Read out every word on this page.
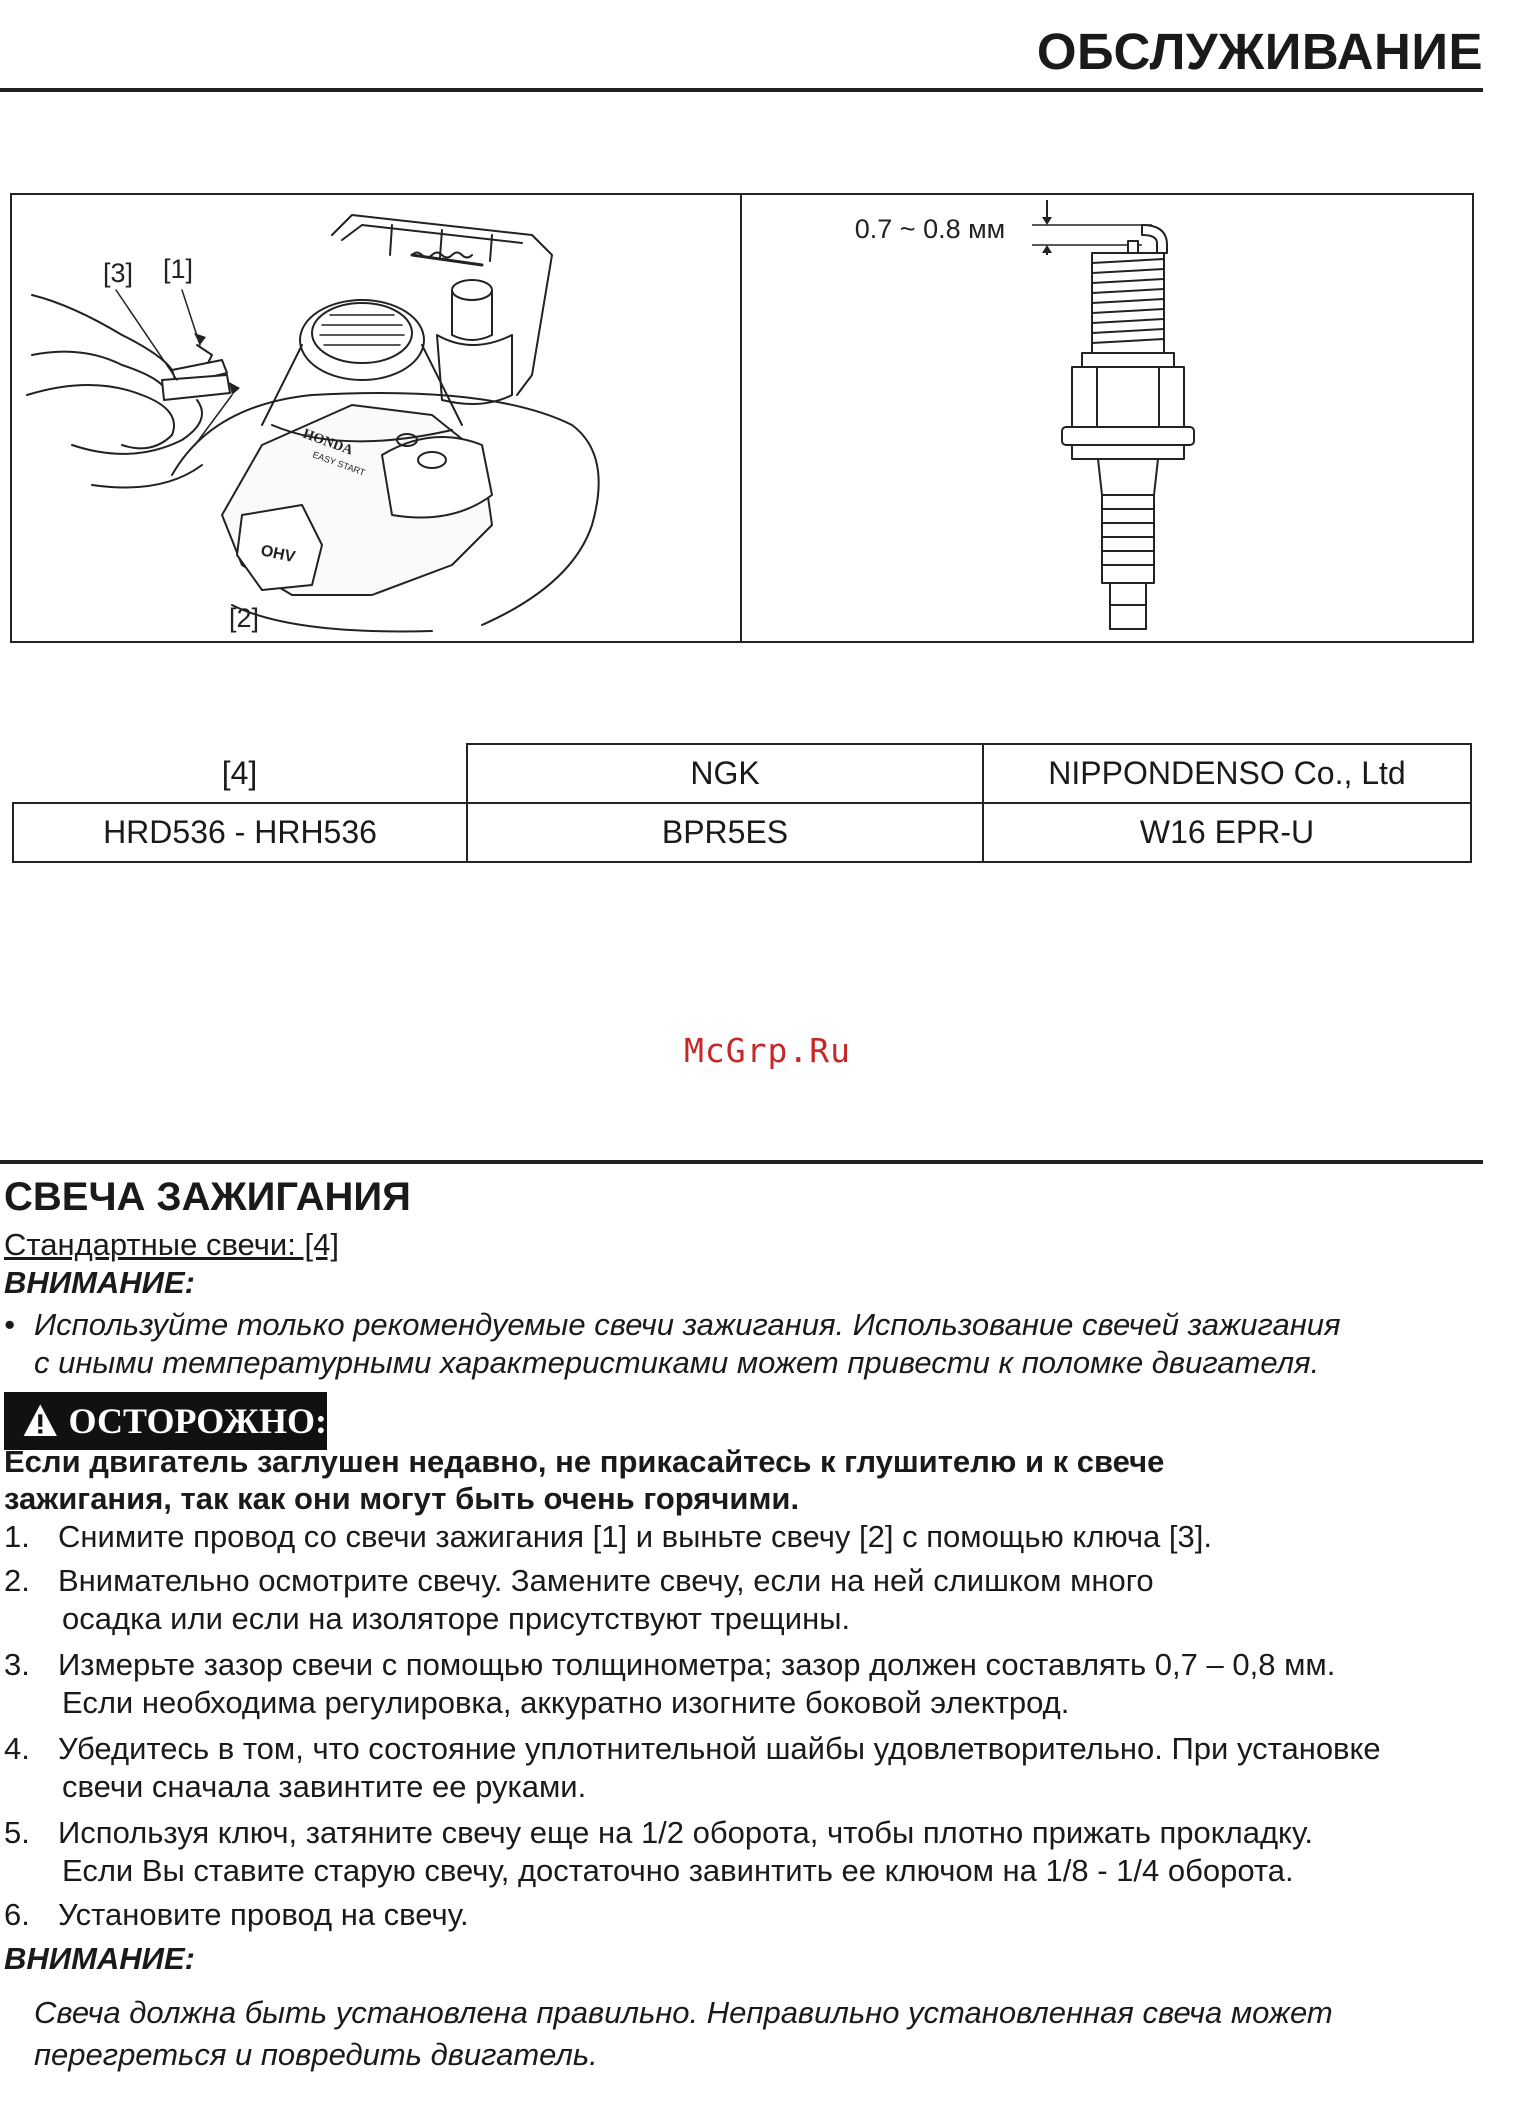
ОБСЛУЖИВАНИЕ
HONDA
EASY START
OHV
[3] [1]
[2]
0.7 ~ 0.8 мм
[4]	NGK	NIPPONDENSO Co., Ltd
HRD536 - HRH536	BPR5ES	W16 EPR-U
McGrp.Ru
СВЕЧА ЗАЖИГАНИЯ
Стандартные свечи: [4]
ВНИМАНИЕ:
• Используйте только рекомендуемые свечи зажигания. Использование свечей зажигания
с иными температурными характеристиками может привести к поломке двигателя.
ОСТОРОЖНО:
Если двигатель заглушен недавно, не прикасайтесь к глушителю и к свече
зажигания, так как они могут быть очень горячими.
1. Снимите провод со свечи зажигания [1] и выньте свечу [2] с помощью ключа [3].
2. Внимательно осмотрите свечу. Замените свечу, если на ней слишком много
осадка или если на изоляторе присутствуют трещины.
3. Измерьте зазор свечи с помощью толщинометра; зазор должен составлять 0,7 – 0,8 мм.
Если необходима регулировка, аккуратно изогните боковой электрод.
4. Убедитесь в том, что состояние уплотнительной шайбы удовлетворительно. При установке
свечи сначала завинтите ее руками.
5. Используя ключ, затяните свечу еще на 1/2 оборота, чтобы плотно прижать прокладку.
Если Вы ставите старую свечу, достаточно завинтить ее ключом на 1/8 - 1/4 оборота.
6. Установите провод на свечу.
ВНИМАНИЕ:
Свеча должна быть установлена правильно. Неправильно установленная свеча может
перегреться и повредить двигатель.
